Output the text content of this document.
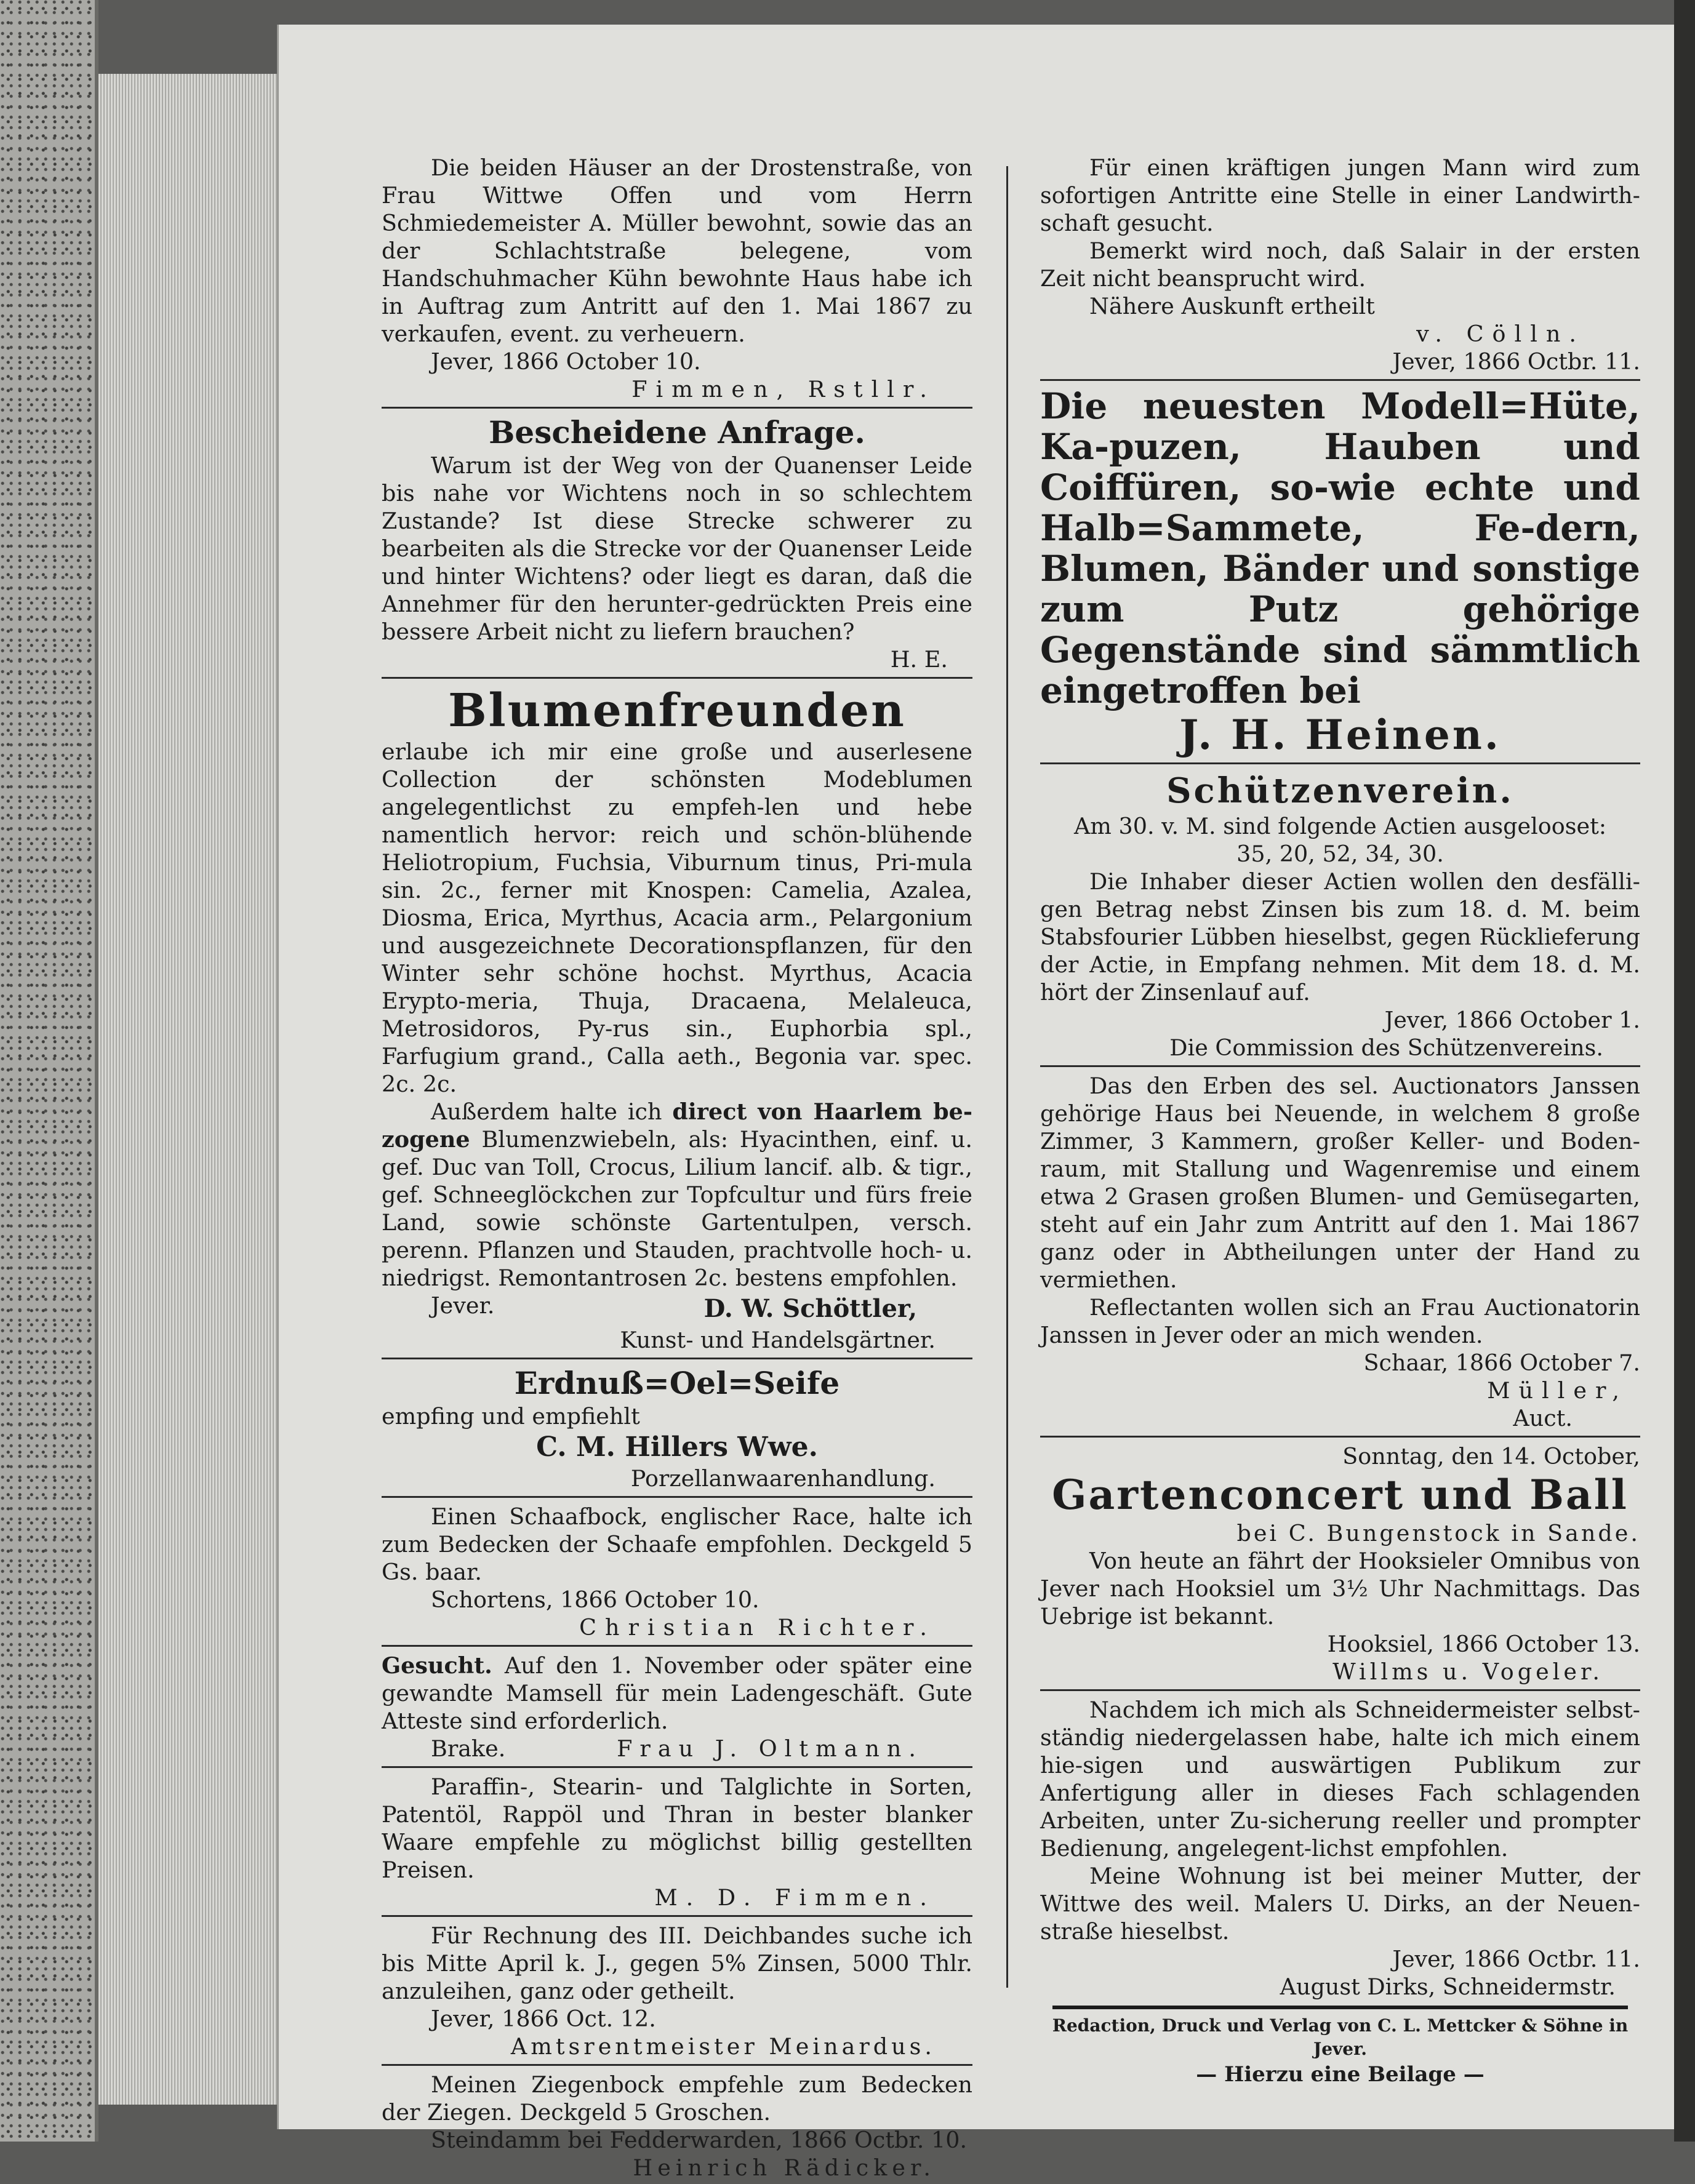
Die beiden Häuser an der Drostenstraße, von Frau Wittwe Offen und vom Herrn Schmiedemeister A. Müller bewohnt, sowie das an der Schlachtstraße belegene, vom Handschuhmacher Kühn bewohnte Haus habe ich in Auftrag zum Antritt auf den 1. Mai 1867 zu verkaufen, event. zu verheuern.

Jever, 1866 October 10.

Fimmen, Rstllr.

Bescheidene Anfrage.

Warum ist der Weg von der Quanenser Leide bis nahe vor Wichtens noch in so schlechtem Zustande? Ist diese Strecke schwerer zu bearbeiten als die Strecke vor der Quanenser Leide und hinter Wichtens? oder liegt es daran, daß die Annehmer für den herunter-gedrückten Preis eine bessere Arbeit nicht zu liefern brauchen?

H. E.

Blumenfreunden

erlaube ich mir eine große und auserlesene Collection der schönsten Modeblumen angelegentlichst zu empfeh-len und hebe namentlich hervor: reich und schön-blühende Heliotropium, Fuchsia, Viburnum tinus, Pri-mula sin. 2c., ferner mit Knospen: Camelia, Azalea, Diosma, Erica, Myrthus, Acacia arm., Pelargonium und ausgezeichnete Decorationspflanzen, für den Winter sehr schöne hochst. Myrthus, Acacia Erypto-meria, Thuja, Dracaena, Melaleuca, Metrosidoros, Py-rus sin., Euphorbia spl., Farfugium grand., Calla aeth., Begonia var. spec. 2c. 2c.

Außerdem halte ich direct von Haarlem be-zogene Blumenzwiebeln, als: Hyacinthen, einf. u. gef. Duc van Toll, Crocus, Lilium lancif. alb. & tigr., gef. Schneeglöckchen zur Topfcultur und fürs freie Land, sowie schönste Gartentulpen, versch. perenn. Pflanzen und Stauden, prachtvolle hoch- u. niedrigst. Remontantrosen 2c. bestens empfohlen.

Jever.	D. W. Schöttler,

Kunst- und Handelsgärtner.

Erdnuß=Oel=Seife

empfing und empfiehlt

C. M. Hillers Wwe.

Porzellanwaarenhandlung.

Einen Schaafbock, englischer Race, halte ich zum Bedecken der Schaafe empfohlen. Deckgeld 5 Gs. baar.

Schortens, 1866 October 10.

Christian Richter.

Gesucht. Auf den 1. November oder später eine gewandte Mamsell für mein Ladengeschäft. Gute Atteste sind erforderlich.

Brake.	Frau J. Oltmann.

Paraffin-, Stearin- und Talglichte in Sorten, Patentöl, Rappöl und Thran in bester blanker Waare empfehle zu möglichst billig gestellten Preisen.

M. D. Fimmen.

Für Rechnung des III. Deichbandes suche ich bis Mitte April k. J., gegen 5% Zinsen, 5000 Thlr. anzuleihen, ganz oder getheilt.

Jever, 1866 Oct. 12.

Amtsrentmeister Meinardus.

Meinen Ziegenbock empfehle zum Bedecken der Ziegen. Deckgeld 5 Groschen.

Steindamm bei Fedderwarden, 1866 Octbr. 10.

Heinrich Rädicker.

Für einen kräftigen jungen Mann wird zum sofortigen Antritte eine Stelle in einer Landwirth-schaft gesucht.

Bemerkt wird noch, daß Salair in der ersten Zeit nicht beansprucht wird.

Nähere Auskunft ertheilt

v. Cölln.

Jever, 1866 Octbr. 11.

Die neuesten Modell=Hüte, Ka-puzen, Hauben und Coiffüren, so-wie echte und Halb=Sammete, Fe-dern, Blumen, Bänder und sonstige zum Putz gehörige Gegenstände sind sämmtlich eingetroffen bei

J. H. Heinen.

Schützenverein.

Am 30. v. M. sind folgende Actien ausgelooset:

35, 20, 52, 34, 30.

Die Inhaber dieser Actien wollen den desfälli-gen Betrag nebst Zinsen bis zum 18. d. M. beim Stabsfourier Lübben hieselbst, gegen Rücklieferung der Actie, in Empfang nehmen. Mit dem 18. d. M. hört der Zinsenlauf auf.

Jever, 1866 October 1.

Die Commission des Schützenvereins.

Das den Erben des sel. Auctionators Janssen gehörige Haus bei Neuende, in welchem 8 große Zimmer, 3 Kammern, großer Keller- und Boden-raum, mit Stallung und Wagenremise und einem etwa 2 Grasen großen Blumen- und Gemüsegarten, steht auf ein Jahr zum Antritt auf den 1. Mai 1867 ganz oder in Abtheilungen unter der Hand zu vermiethen.

Reflectanten wollen sich an Frau Auctionatorin Janssen in Jever oder an mich wenden.

Schaar, 1866 October 7.

Müller,

Auct.

Sonntag, den 14. October,

Gartenconcert und Ball

bei C. Bungenstock in Sande.

Von heute an fährt der Hooksieler Omnibus von Jever nach Hooksiel um 3½ Uhr Nachmittags. Das Uebrige ist bekannt.

Hooksiel, 1866 October 13.

Willms u. Vogeler.

Nachdem ich mich als Schneidermeister selbst-ständig niedergelassen habe, halte ich mich einem hie-sigen und auswärtigen Publikum zur Anfertigung aller in dieses Fach schlagenden Arbeiten, unter Zu-sicherung reeller und prompter Bedienung, angelegent-lichst empfohlen.

Meine Wohnung ist bei meiner Mutter, der Wittwe des weil. Malers U. Dirks, an der Neuen-straße hieselbst.

Jever, 1866 Octbr. 11.

August Dirks, Schneidermstr.

Redaction, Druck und Verlag von C. L. Mettcker & Söhne in Jever.

— Hierzu eine Beilage —
